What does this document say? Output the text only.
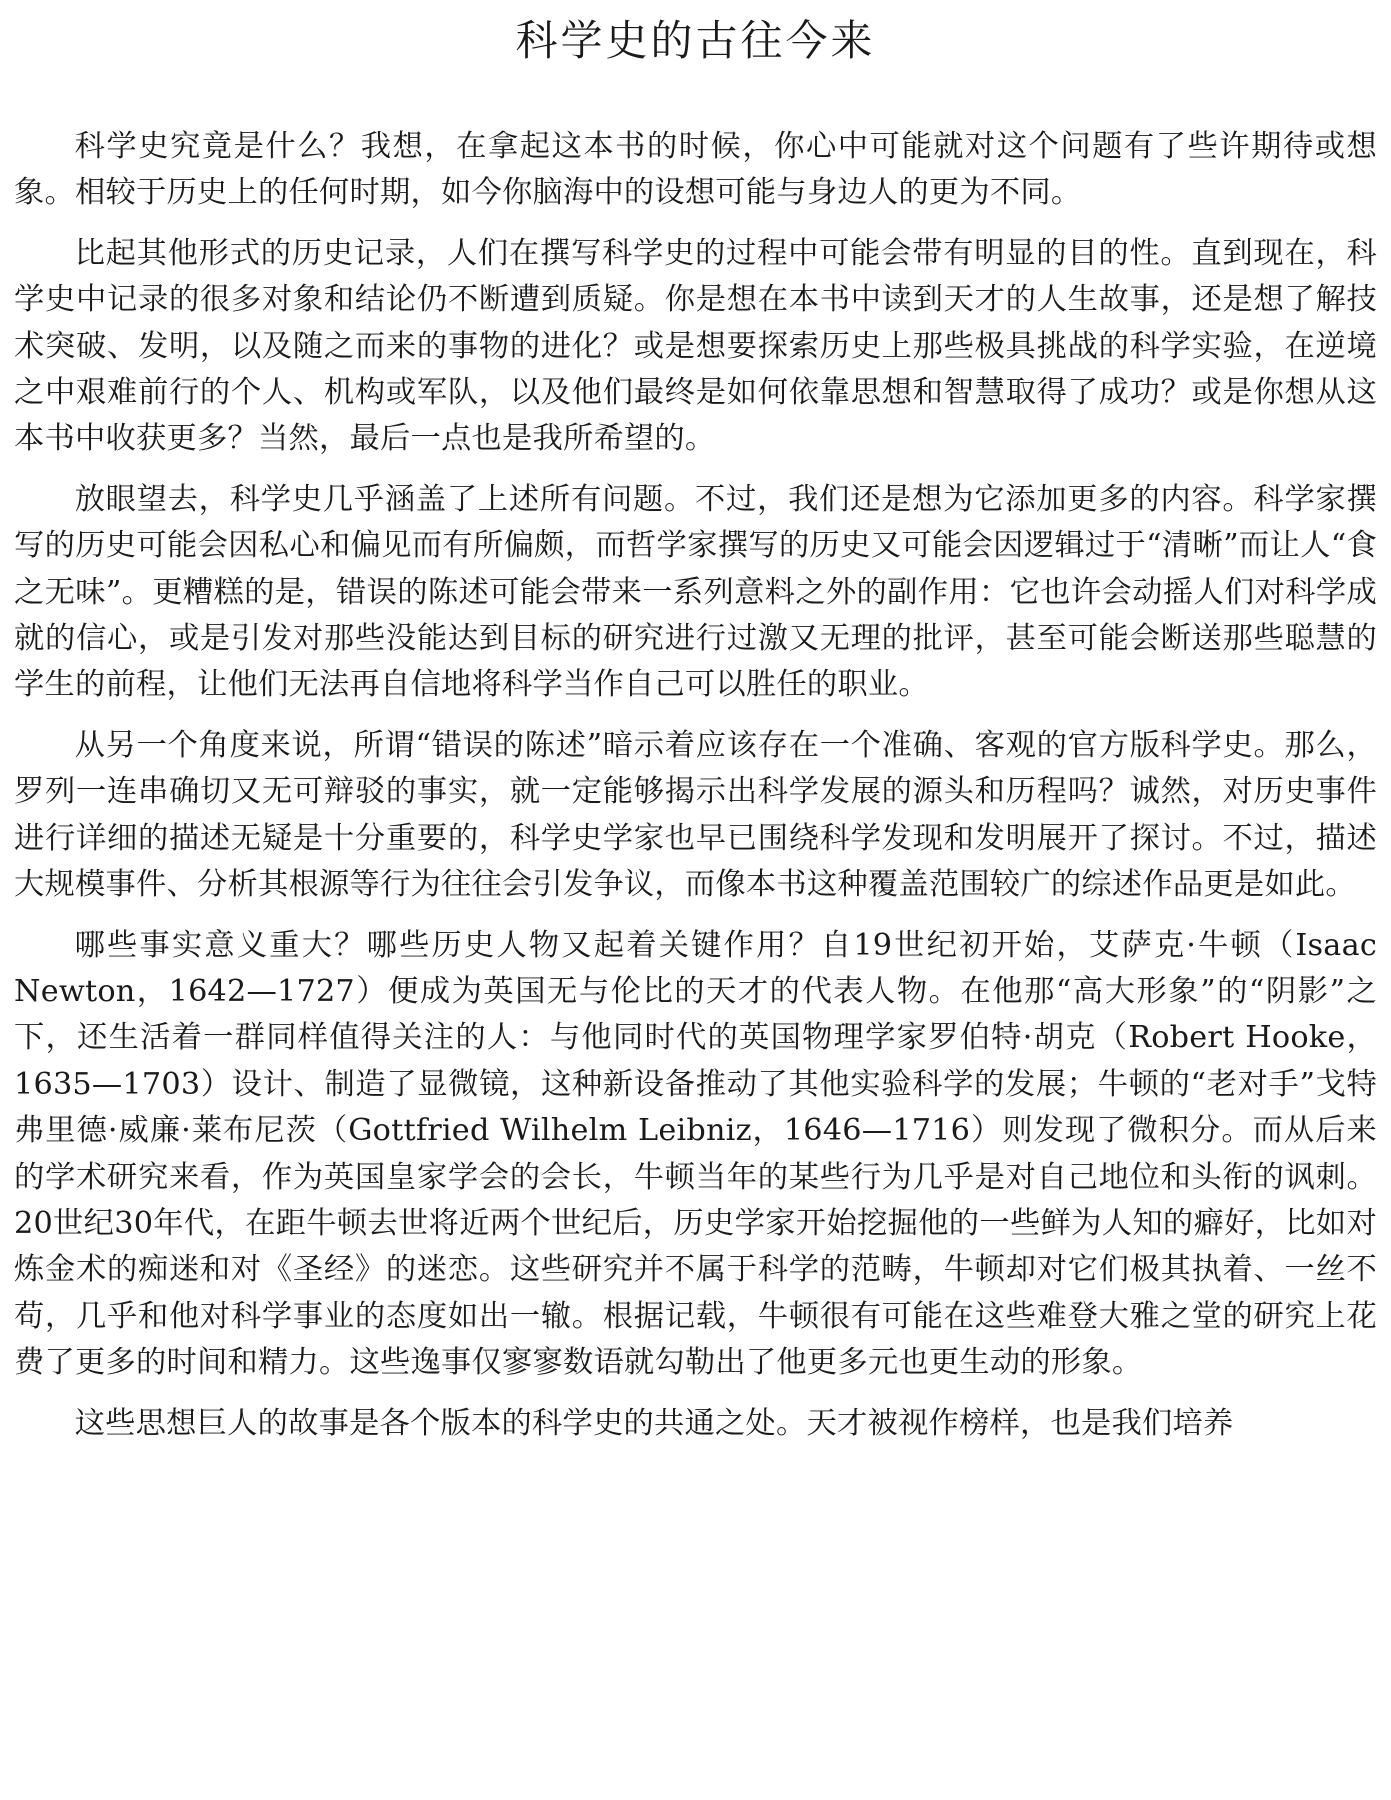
科学史的古往今来

科学史究竟是什么？我想，在拿起这本书的时候，你心中可能就对这个问题有了些许期待或想象。相较于历史上的任何时期，如今你脑海中的设想可能与身边人的更为不同。

比起其他形式的历史记录，人们在撰写科学史的过程中可能会带有明显的目的性。直到现在，科学史中记录的很多对象和结论仍不断遭到质疑。你是想在本书中读到天才的人生故事，还是想了解技术突破、发明，以及随之而来的事物的进化？或是想要探索历史上那些极具挑战的科学实验，在逆境之中艰难前行的个人、机构或军队，以及他们最终是如何依靠思想和智慧取得了成功？或是你想从这本书中收获更多？当然，最后一点也是我所希望的。

放眼望去，科学史几乎涵盖了上述所有问题。不过，我们还是想为它添加更多的内容。科学家撰写的历史可能会因私心和偏见而有所偏颇，而哲学家撰写的历史又可能会因逻辑过于“清晰”而让人“食之无味”。更糟糕的是，错误的陈述可能会带来一系列意料之外的副作用：它也许会动摇人们对科学成就的信心，或是引发对那些没能达到目标的研究进行过激又无理的批评，甚至可能会断送那些聪慧的学生的前程，让他们无法再自信地将科学当作自己可以胜任的职业。

从另一个角度来说，所谓“错误的陈述”暗示着应该存在一个准确、客观的官方版科学史。那么，罗列一连串确切又无可辩驳的事实，就一定能够揭示出科学发展的源头和历程吗？诚然，对历史事件进行详细的描述无疑是十分重要的，科学史学家也早已围绕科学发现和发明展开了探讨。不过，描述大规模事件、分析其根源等行为往往会引发争议，而像本书这种覆盖范围较广的综述作品更是如此。

哪些事实意义重大？哪些历史人物又起着关键作用？自19世纪初开始，艾萨克·牛顿（Isaac Newton，1642—1727）便成为英国无与伦比的天才的代表人物。在他那“高大形象”的“阴影”之下，还生活着一群同样值得关注的人：与他同时代的英国物理学家罗伯特·胡克（Robert Hooke，1635—1703）设计、制造了显微镜，这种新设备推动了其他实验科学的发展；牛顿的“老对手”戈特弗里德·威廉·莱布尼茨（Gottfried Wilhelm Leibniz，1646—1716）则发现了微积分。而从后来的学术研究来看，作为英国皇家学会的会长，牛顿当年的某些行为几乎是对自己地位和头衔的讽刺。20世纪30年代，在距牛顿去世将近两个世纪后，历史学家开始挖掘他的一些鲜为人知的癖好，比如对炼金术的痴迷和对《圣经》的迷恋。这些研究并不属于科学的范畴，牛顿却对它们极其执着、一丝不苟，几乎和他对科学事业的态度如出一辙。根据记载，牛顿很有可能在这些难登大雅之堂的研究上花费了更多的时间和精力。这些逸事仅寥寥数语就勾勒出了他更多元也更生动的形象。

这些思想巨人的故事是各个版本的科学史的共通之处。天才被视作榜样，也是我们培养
